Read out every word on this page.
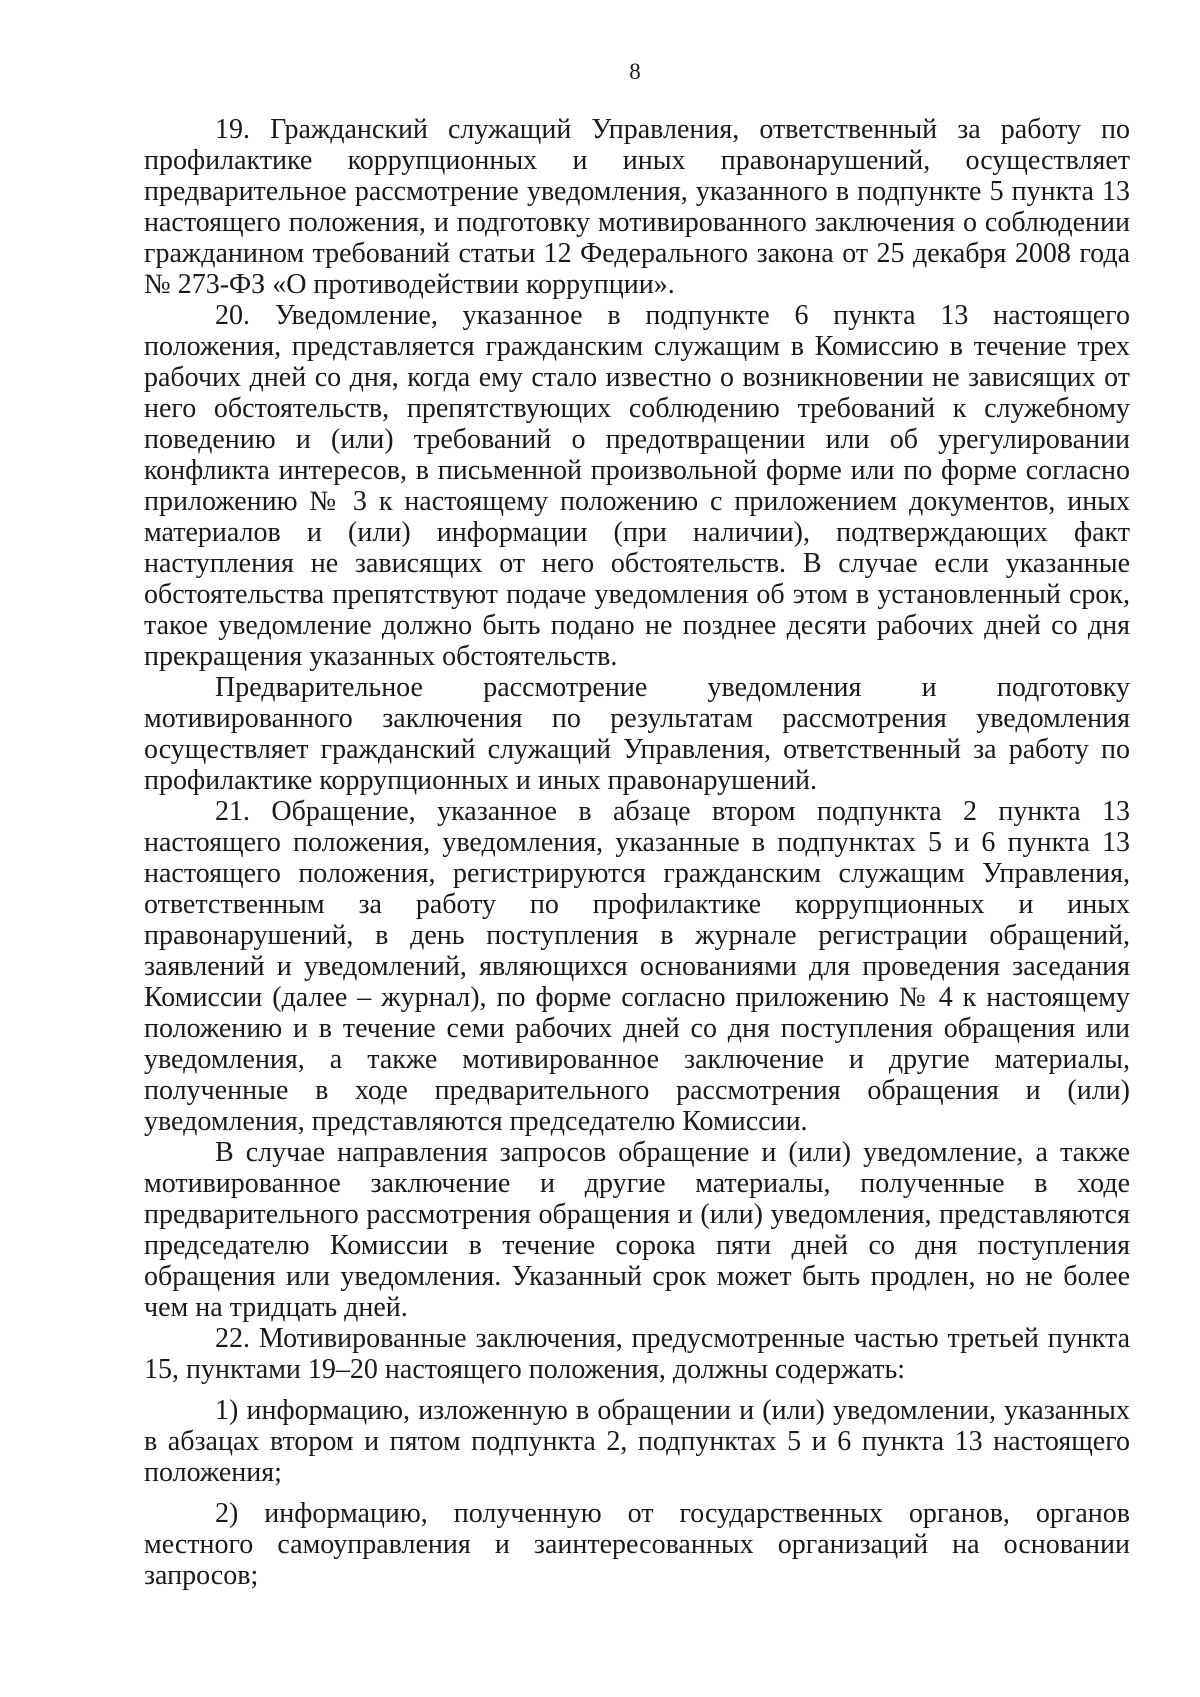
8

19. Гражданский служащий Управления, ответственный за работу по профилактике коррупционных и иных правонарушений, осуществляет предварительное рассмотрение уведомления, указанного в подпункте 5 пункта 13 настоящего положения, и подготовку мотивированного заключения о соблюдении гражданином требований статьи 12 Федерального закона от 25 декабря 2008 года № 273-ФЗ «О противодействии коррупции».

20. Уведомление, указанное в подпункте 6 пункта 13 настоящего положения, представляется гражданским служащим в Комиссию в течение трех рабочих дней со дня, когда ему стало известно о возникновении не зависящих от него обстоятельств, препятствующих соблюдению требований к служебному поведению и (или) требований о предотвращении или об урегулировании конфликта интересов, в письменной произвольной форме или по форме согласно приложению № 3 к настоящему положению с приложением документов, иных материалов и (или) информации (при наличии), подтверждающих факт наступления не зависящих от него обстоятельств. В случае если указанные обстоятельства препятствуют подаче уведомления об этом в установленный срок, такое уведомление должно быть подано не позднее десяти рабочих дней со дня прекращения указанных обстоятельств.

Предварительное рассмотрение уведомления и подготовку мотивированного заключения по результатам рассмотрения уведомления осуществляет гражданский служащий Управления, ответственный за работу по профилактике коррупционных и иных правонарушений.

21. Обращение, указанное в абзаце втором подпункта 2 пункта 13 настоящего положения, уведомления, указанные в подпунктах 5 и 6 пункта 13 настоящего положения, регистрируются гражданским служащим Управления, ответственным за работу по профилактике коррупционных и иных правонарушений, в день поступления в журнале регистрации обращений, заявлений и уведомлений, являющихся основаниями для проведения заседания Комиссии (далее – журнал), по форме согласно приложению № 4 к настоящему положению и в течение семи рабочих дней со дня поступления обращения или уведомления, а также мотивированное заключение и другие материалы, полученные в ходе предварительного рассмотрения обращения и (или) уведомления, представляются председателю Комиссии.

В случае направления запросов обращение и (или) уведомление, а также мотивированное заключение и другие материалы, полученные в ходе предварительного рассмотрения обращения и (или) уведомления, представляются председателю Комиссии в течение сорока пяти дней со дня поступления обращения или уведомления. Указанный срок может быть продлен, но не более чем на тридцать дней.

22. Мотивированные заключения, предусмотренные частью третьей пункта 15, пунктами 19–20 настоящего положения, должны содержать:

1) информацию, изложенную в обращении и (или) уведомлении, указанных в абзацах втором и пятом подпункта 2, подпунктах 5 и 6 пункта 13 настоящего положения;

2) информацию, полученную от государственных органов, органов местного самоуправления и заинтересованных организаций на основании запросов;
